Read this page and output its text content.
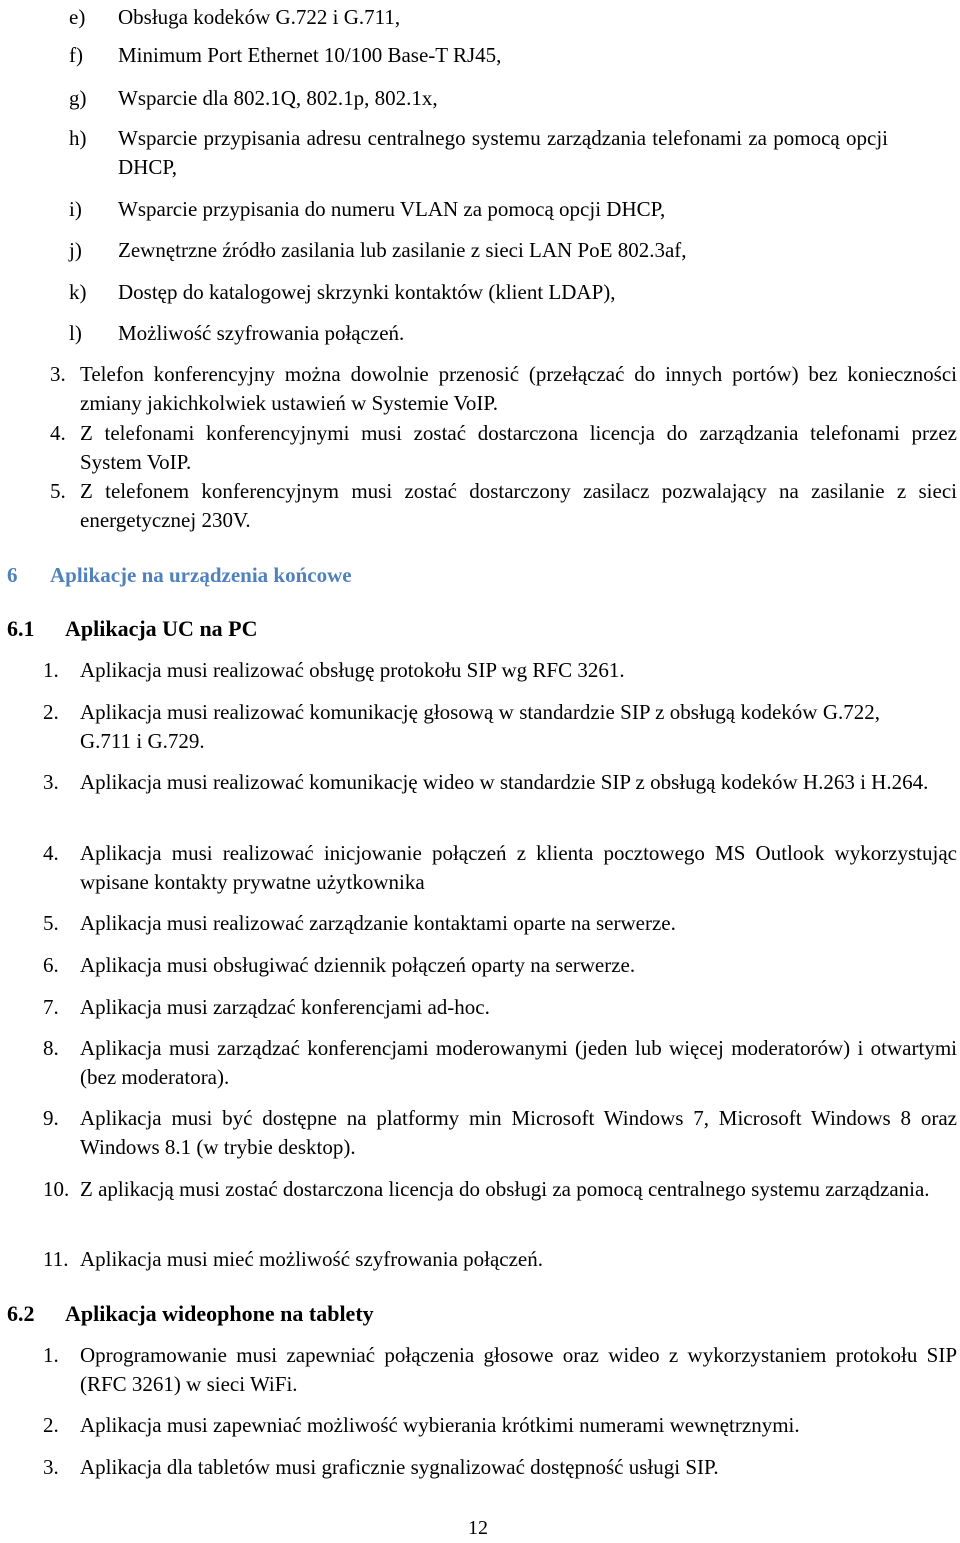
e) Obsługa kodeków G.722 i G.711,
f) Minimum Port Ethernet 10/100 Base-T RJ45,
g) Wsparcie dla 802.1Q, 802.1p, 802.1x,
h) Wsparcie przypisania adresu centralnego systemu zarządzania telefonami za pomocą opcji DHCP,
i) Wsparcie przypisania do numeru VLAN za pomocą opcji DHCP,
j) Zewnętrzne źródło zasilania lub zasilanie z sieci LAN PoE 802.3af,
k) Dostęp do katalogowej skrzynki kontaktów (klient LDAP),
l) Możliwość szyfrowania połączeń.
3. Telefon konferencyjny można dowolnie przenosić (przełączać do innych portów) bez konieczności zmiany jakichkolwiek ustawień w Systemie VoIP.
4. Z telefonami konferencyjnymi musi zostać dostarczona licencja do zarządzania telefonami przez System VoIP.
5. Z telefonem konferencyjnym musi zostać dostarczony zasilacz pozwalający na zasilanie z sieci energetycznej 230V.
6 Aplikacje na urządzenia końcowe
6.1 Aplikacja UC na PC
1. Aplikacja musi realizować obsługę protokołu SIP wg RFC 3261.
2. Aplikacja musi realizować komunikację głosową w standardzie SIP z obsługą kodeków G.722, G.711 i G.729.
3. Aplikacja musi realizować komunikację wideo w standardzie SIP z obsługą kodeków H.263 i H.264.
4. Aplikacja musi realizować inicjowanie połączeń z klienta pocztowego MS Outlook wykorzystując wpisane kontakty prywatne użytkownika
5. Aplikacja musi realizować zarządzanie kontaktami oparte na serwerze.
6. Aplikacja musi obsługiwać dziennik połączeń oparty na serwerze.
7. Aplikacja musi zarządzać konferencjami ad-hoc.
8. Aplikacja musi zarządzać konferencjami moderowanymi (jeden lub więcej moderatorów) i otwartymi (bez moderatora).
9. Aplikacja musi być dostępne na platformy min Microsoft Windows 7, Microsoft Windows 8 oraz Windows 8.1 (w trybie desktop).
10. Z aplikacją musi zostać dostarczona licencja do obsługi za pomocą centralnego systemu zarządzania.
11. Aplikacja musi mieć możliwość szyfrowania połączeń.
6.2 Aplikacja wideophone na tablety
1. Oprogramowanie musi zapewniać połączenia głosowe oraz wideo z wykorzystaniem protokołu SIP (RFC 3261) w sieci WiFi.
2. Aplikacja musi zapewniać możliwość wybierania krótkimi numerami wewnętrznymi.
3. Aplikacja dla tabletów musi graficznie sygnalizować dostępność usługi SIP.
12
